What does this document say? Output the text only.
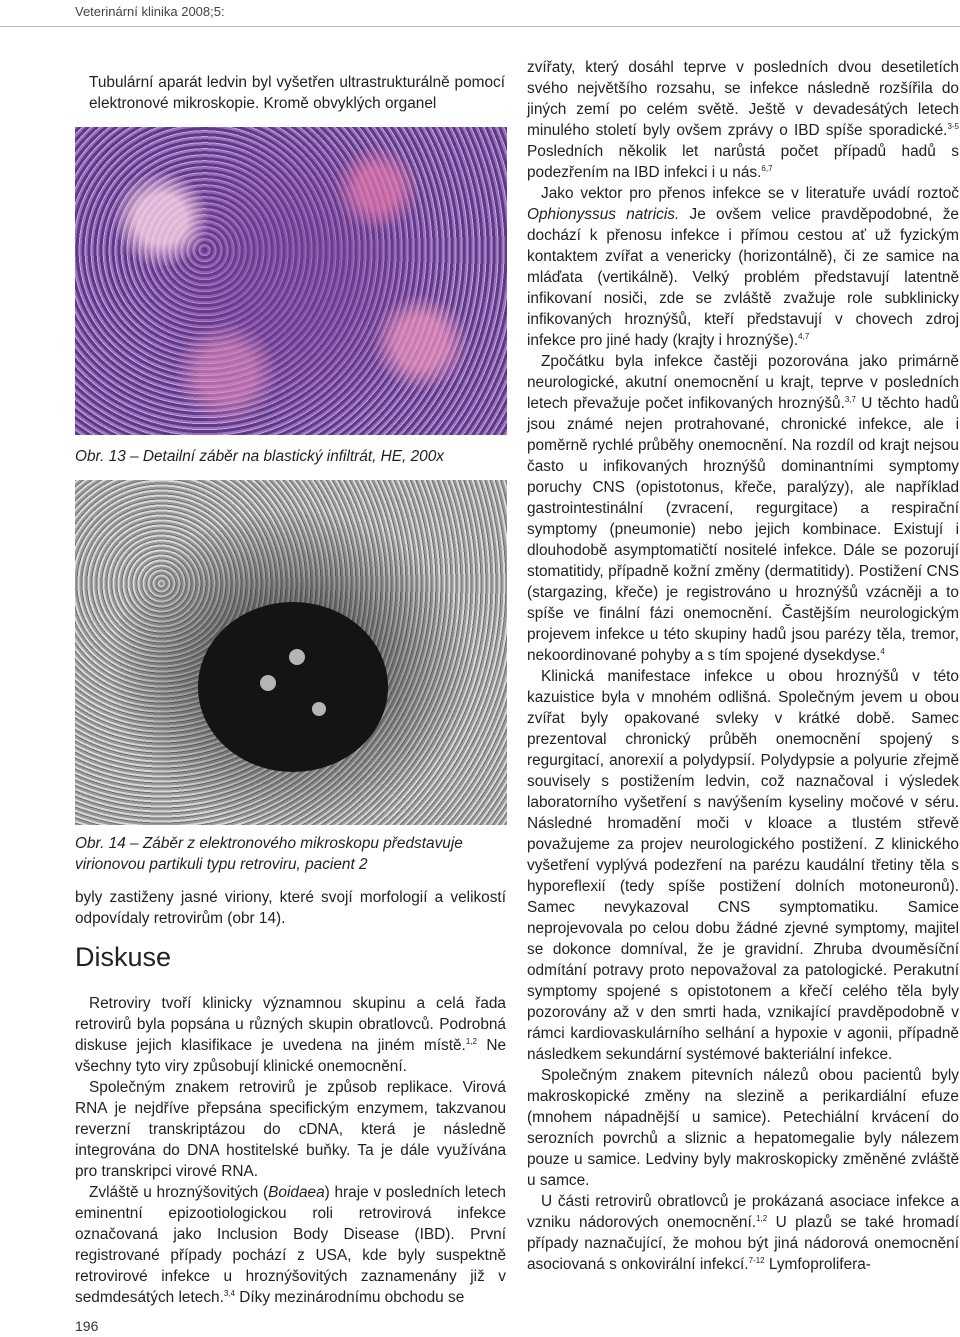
Veterinární klinika 2008;5:

Tubulární aparát ledvin byl vyšetřen ultrastrukturálně pomocí elektronové mikroskopie. Kromě obvyklých organel

Obr. 13 – Detailní záběr na blastický infiltrát, HE, 200x
Obr. 14 – Záběr z elektronového mikroskopu představuje virionovou partikuli typu retroviru, pacient 2

byly zastiženy jasné viriony, které svojí morfologií a velikostí odpovídaly retrovirům (obr 14).

Diskuse

Retroviry tvoří klinicky významnou skupinu a celá řada retrovirů byla popsána u různých skupin obratlovců. Podrobná diskuse jejich klasifikace je uvedena na jiném místě.$^{1,2}$ Ne všechny tyto viry způsobují klinické onemocnění.

Společným znakem retrovirů je způsob replikace. Virová RNA je nejdříve přepsána specifickým enzymem, takzvanou reverzní transkriptázou do cDNA, která je následně integrována do DNA hostitelské buňky. Ta je dále využívána pro transkripci virové RNA.

Zvláště u hroznýšovitých (Boidaea) hraje v posledních letech eminentní epizootiologickou roli retrovirová infekce označovaná jako Inclusion Body Disease (IBD). První registrované případy pochází z USA, kde byly suspektně retrovirové infekce u hroznýšovitých zaznamenány již v sedmdesátých letech.$^{3,4}$ Díky mezinárodnímu obchodu se

zvířaty, který dosáhl teprve v posledních dvou desetiletích svého největšího rozsahu, se infekce následně rozšířila do jiných zemí po celém světě. Ještě v devadesátých letech minulého století byly ovšem zprávy o IBD spíše sporadické.$^{3-5}$ Posledních několik let narůstá počet případů hadů s podezřením na IBD infekci i u nás.$^{6,7}$

Jako vektor pro přenos infekce se v literatuře uvádí roztoč Ophionyssus natricis. Je ovšem velice pravděpodobné, že dochází k přenosu infekce i přímou cestou ať už fyzickým kontaktem zvířat a venericky (horizontálně), či ze samice na mláďata (vertikálně). Velký problém představují latentně infikovaní nosiči, zde se zvláště zvažuje role subklinicky infikovaných hroznýšů, kteří představují v chovech zdroj infekce pro jiné hady (krajty i hroznýše).$^{4,7}$

Zpočátku byla infekce častěji pozorována jako primárně neurologické, akutní onemocnění u krajt, teprve v posledních letech převažuje počet infikovaných hroznýšů.$^{3,7}$ U těchto hadů jsou známé nejen protrahované, chronické infekce, ale i poměrně rychlé průběhy onemocnění. Na rozdíl od krajt nejsou často u infikovaných hroznýšů dominantními symptomy poruchy CNS (opistotonus, křeče, paralýzy), ale například gastrointestinální (zvracení, regurgitace) a respirační symptomy (pneumonie) nebo jejich kombinace. Existují i dlouhodobě asymptomatičtí nositelé infekce. Dále se pozorují stomatitidy, případně kožní změny (dermatitidy). Postižení CNS (stargazing, křeče) je registrováno u hroznýšů vzácněji a to spíše ve finální fázi onemocnění. Častějším neurologickým projevem infekce u této skupiny hadů jsou parézy těla, tremor, nekoordinované pohyby a s tím spojené dysekdyse.$^4$

Klinická manifestace infekce u obou hroznýšů v této kazuistice byla v mnohém odlišná. Společným jevem u obou zvířat byly opakované svleky v krátké době. Samec prezentoval chronický průběh onemocnění spojený s regurgitací, anorexií a polydypsií. Polydypsie a polyurie zřejmě souvisely s postižením ledvin, což naznačoval i výsledek laboratorního vyšetření s navýšením kyseliny močové v séru. Následné hromadění moči v kloace a tlustém střevě považujeme za projev neurologického postižení. Z klinického vyšetření vyplývá podezření na parézu kaudální třetiny těla s hyporeflexií (tedy spíše postižení dolních motoneuronů). Samec nevykazoval CNS symptomatiku. Samice neprojevovala po celou dobu žádné zjevné symptomy, majitel se dokonce domníval, že je gravidní. Zhruba dvouměsíční odmítání potravy proto nepovažoval za patologické. Perakutní symptomy spojené s opistotonem a křečí celého těla byly pozorovány až v den smrti hada, vznikající pravděpodobně v rámci kardiovaskulárního selhání a hypoxie v agonii, případně následkem sekundární systémové bakteriální infekce.

Společným znakem pitevních nálezů obou pacientů byly makroskopické změny na slezině a perikardiální efuze (mnohem nápadnější u samice). Petechiální krvácení do serozních povrchů a sliznic a hepatomegalie byly nálezem pouze u samice. Ledviny byly makroskopicky změněné zvláště u samce.

U části retrovirů obratlovců je prokázaná asociace infekce a vzniku nádorových onemocnění.$^{1,2}$ U plazů se také hromadí případy naznačující, že mohou být jiná nádorová onemocnění asociovaná s onkovirální infekcí.$^{7-12}$ Lymfoprolifera-

196
